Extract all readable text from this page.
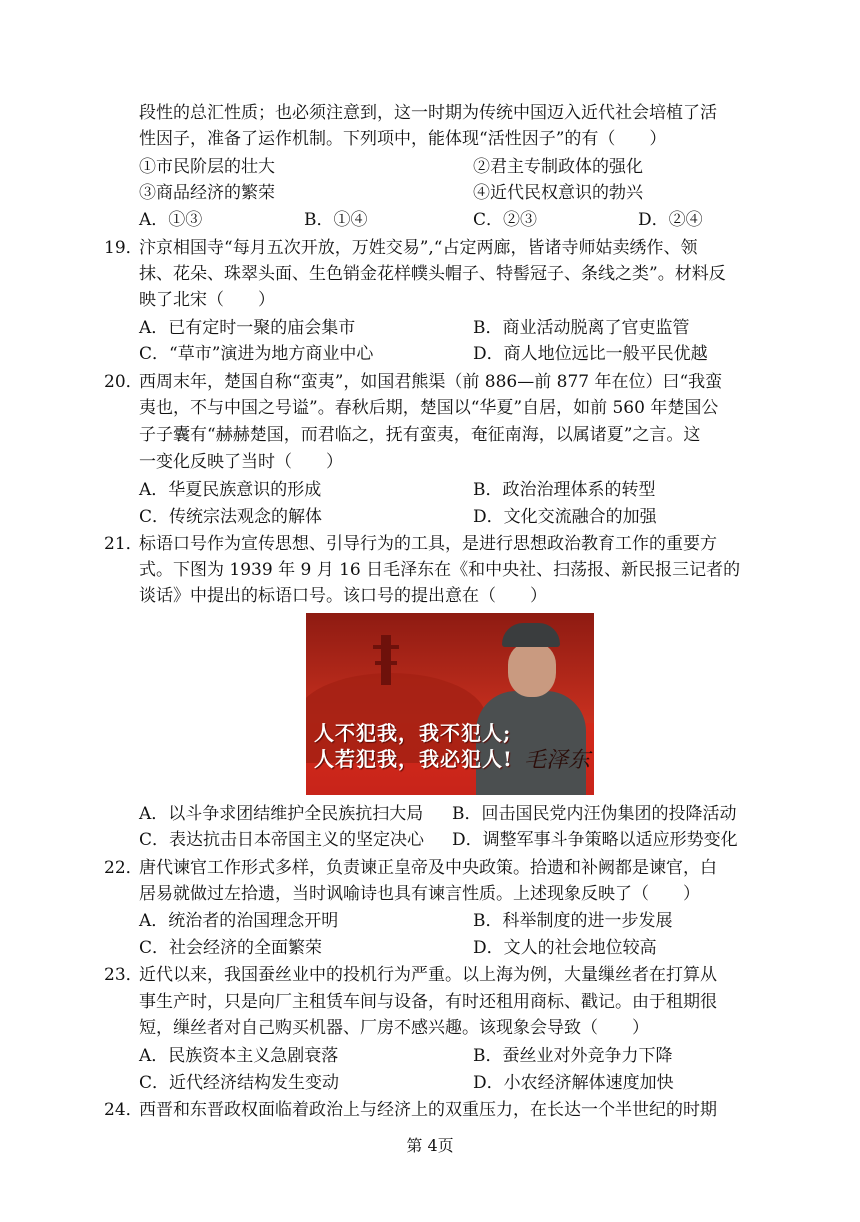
段性的总汇性质；也必须注意到，这一时期为传统中国迈入近代社会培植了活
性因子，准备了运作机制。下列项中，能体现“活性因子”的有（　　）
①市民阶层的壮大	②君主专制政体的强化
③商品经济的繁荣	④近代民权意识的勃兴
A．①③	B．①④	C．②③	D．②④
19．
汴京相国寺“每月五次开放，万姓交易”,“占定两廊，皆诸寺师姑卖绣作、领
抹、花朵、珠翠头面、生色销金花样幞头帽子、特髻冠子、条线之类”。材料反
映了北宋（　　）
A．已有定时一聚的庙会集市	B．商业活动脱离了官吏监管
C．“草市”演进为地方商业中心	D．商人地位远比一般平民优越
20．
西周末年，楚国自称“蛮夷”，如国君熊渠（前 886—前 877 年在位）曰“我蛮
夷也，不与中国之号谥”。春秋后期，楚国以“华夏”自居，如前 560 年楚国公
子子囊有“赫赫楚国，而君临之，抚有蛮夷，奄征南海，以属诸夏”之言。这
一变化反映了当时（　　）
A．华夏民族意识的形成	B．政治治理体系的转型
C．传统宗法观念的解体	D．文化交流融合的加强
21．
标语口号作为宣传思想、引导行为的工具，是进行思想政治教育工作的重要方
式。下图为 1939 年 9 月 16 日毛泽东在《和中央社、扫荡报、新民报三记者的
谈话》中提出的标语口号。该口号的提出意在（　　）
人不犯我，我不犯人;
人若犯我，我必犯人! 毛泽东
A．以斗争求团结维护全民族抗扫大局 B．回击国民党内汪伪集团的投降活动
C．表达抗击日本帝国主义的坚定决心 D．调整军事斗争策略以适应形势变化
22．
唐代谏官工作形式多样，负责谏正皇帝及中央政策。拾遗和补阙都是谏官，白
居易就做过左拾遗，当时讽喻诗也具有谏言性质。上述现象反映了（　　）
A．统治者的治国理念开明	B．科举制度的进一步发展
C．社会经济的全面繁荣	D．文人的社会地位较高
23．
近代以来，我国蚕丝业中的投机行为严重。以上海为例，大量缫丝者在打算从
事生产时，只是向厂主租赁车间与设备，有时还租用商标、戳记。由于租期很
短，缫丝者对自己购买机器、厂房不感兴趣。该现象会导致（　　）
A．民族资本主义急剧衰落	B．蚕丝业对外竞争力下降
C．近代经济结构发生变动	D．小农经济解体速度加快
24．
西晋和东晋政权面临着政治上与经济上的双重压力，在长达一个半世纪的时期
第 4页
